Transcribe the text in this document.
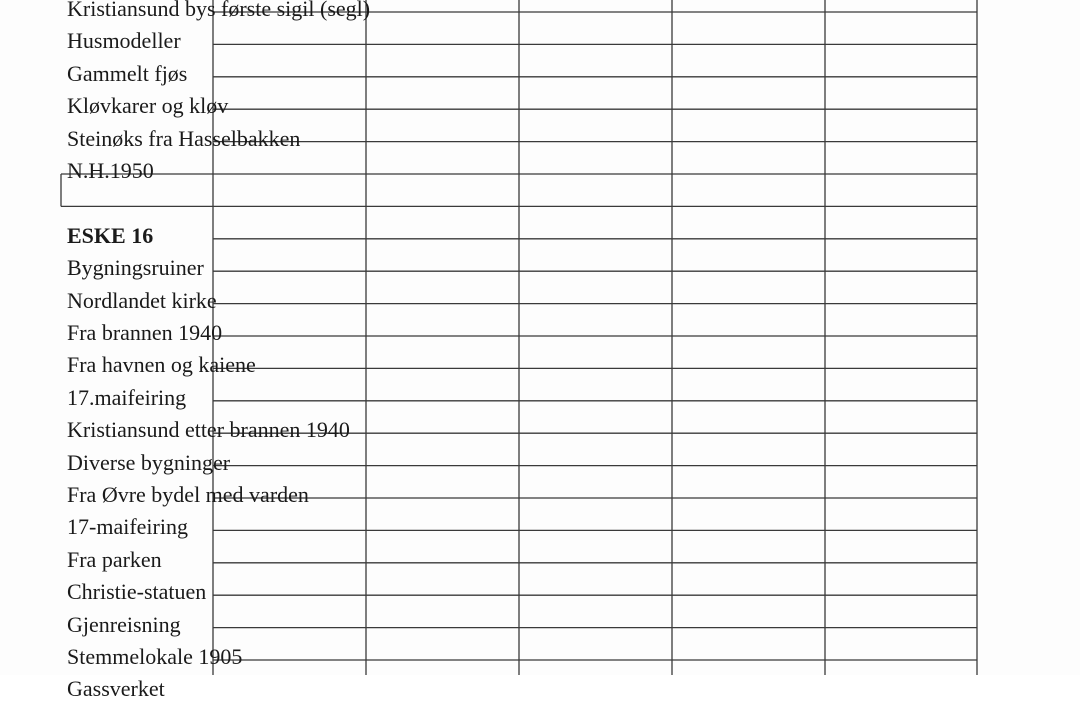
Kristiansund bys første sigil (segl)
Husmodeller
Gammelt fjøs
Kløvkarer og kløv
Steinøks fra Hasselbakken
N.H.1950
ESKE 16
Bygningsruiner
Nordlandet kirke
Fra brannen 1940
Fra havnen og kaiene
17.maifeiring
Kristiansund etter brannen 1940
Diverse bygninger
Fra Øvre bydel med varden
17-maifeiring
Fra parken
Christie-statuen
Gjenreisning
Stemmelokale 1905
Gassverket
